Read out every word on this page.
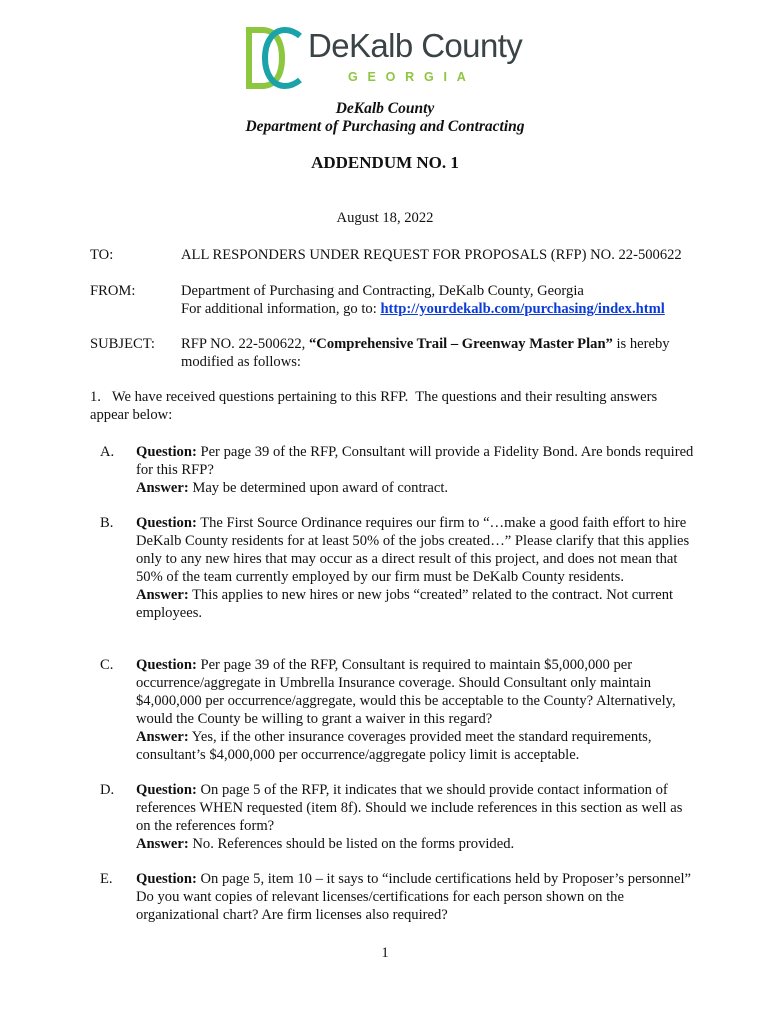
DeKalb County
GEORGIA
DeKalb County
Department of Purchasing and Contracting
ADDENDUM NO. 1
August 18, 2022
TO:	ALL RESPONDERS UNDER REQUEST FOR PROPOSALS (RFP) NO. 22-500622
FROM:	Department of Purchasing and Contracting, DeKalb County, Georgia
For additional information, go to: http://yourdekalb.com/purchasing/index.html
SUBJECT: RFP NO. 22-500622, “Comprehensive Trail – Greenway Master Plan” is hereby modified as follows:
1.   We have received questions pertaining to this RFP.  The questions and their resulting answers appear below:
A. Question: Per page 39 of the RFP, Consultant will provide a Fidelity Bond. Are bonds required for this RFP?
Answer: May be determined upon award of contract.
B. Question: The First Source Ordinance requires our firm to “…make a good faith effort to hire DeKalb County residents for at least 50% of the jobs created…” Please clarify that this applies only to any new hires that may occur as a direct result of this project, and does not mean that 50% of the team currently employed by our firm must be DeKalb County residents.
Answer: This applies to new hires or new jobs “created” related to the contract. Not current employees.
C. Question: Per page 39 of the RFP, Consultant is required to maintain $5,000,000 per occurrence/aggregate in Umbrella Insurance coverage. Should Consultant only maintain $4,000,000 per occurrence/aggregate, would this be acceptable to the County? Alternatively, would the County be willing to grant a waiver in this regard?
Answer: Yes, if the other insurance coverages provided meet the standard requirements, consultant’s $4,000,000 per occurrence/aggregate policy limit is acceptable.
D. Question: On page 5 of the RFP, it indicates that we should provide contact information of references WHEN requested (item 8f). Should we include references in this section as well as on the references form?
Answer: No. References should be listed on the forms provided.
E. Question: On page 5, item 10 – it says to “include certifications held by Proposer’s personnel” Do you want copies of relevant licenses/certifications for each person shown on the organizational chart? Are firm licenses also required?
1
